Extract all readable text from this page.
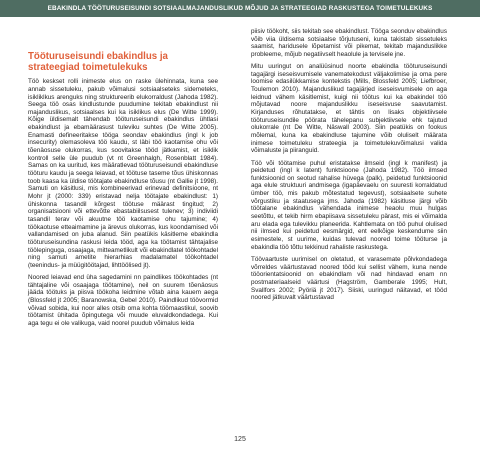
EBAKINDLA TÖÖTURUSEISUNDI SOTSIAALMAJANDUSLIKUD MÕJUD JA STRATEEGIAD RASKUSTEGA TOIMETULEKUKS
Tööturuseisundi ebakindlus ja strateegiad toimetulekuks

Töö keskset rolli inimeste elus on raske ülehinnata, kuna see annab sissetuleku, pakub võimalusi sotsiaalseteks sidemeteks, isikliklkus arenguks ning struktureerib elukorraldust (Jahoda 1982). Seega töö osas kindlustunde puudumine tekitab ebakindlust nii majanduslikus, sotsiaalses kui ka isiklikus elus (De Witte 1999). Kõige üldisemalt tähendab tööturuseisundi ebakindlus ühtlasi ebakindlust ja ebamäärasust tuleviku suhtes (De Witte 2005). Enamasti defineeritakse tööga seondav ebakindlus (ingl k job insecurity) olemasoleva töö kaudu, st läbi töö kaotamise ohu või tõenäosuse olukorras, kus soovitakse tööd jätkamist, et isiklik kontroll selle üle puudub (vt nt Greenhalgh, Rosenblatt 1984). Samas on ka uuritud, kes määratlevad tööturuseisundi ebakindluse tööturu kaudu ja seega leiavad, et töötuse taseme tõus ühiskonnas toob kaasa ka üldise töötajate ebakindluse tõusu (nt Gallie jt 1998). Samuti on käsitlusi, mis kombineerivad erinevad definitsioone, nt Mohr jt (2000: 339) eristavad nelja töötajate ebakindlust: 1) ühiskonna tasandil kõrgest töötuse määrast tingitud; 2) organisatsiooni või ettevõtte ebastabiilsusest tulenev; 3) indiviidi tasandil terav või akuutne töö kaotamise ohu tajumine; 4) töökaotuse etteaimamine ja ärevus olukorras, kus koondamised või vallandamised on juba alanud. Siin peatükis käsitleme ebakindla tööturuseisundina raskusi leida tööd, aga ka töötamist tähtajalise töölepinguga, osaajaga, mitteametlikult või ebakindlatel töökohtadel ning samuti ametite hierarhias madalamatel töökohtadel (teenindus- ja müügitöötajad, lihttöölised jt).

Noored leiavad end üha sagedamini nn paindlikes töökohtades (nt tähtajaline või osaajaga töötamine), neil on suurem tõenäosus jääda töötuks ja piisva töökoha leidmine võtab aina kauem aega (Blossfeld jt 2005; Baranowska, Gebel 2010). Paindlikud töövormid võivad sobida, kui noor alles otsib oma kohta töömaastikul, soovib töötamist ühitada õpingutega või muude eluvaldkondadega. Kui aga tegu ei ole valikuga, vaid noorel puudub võimalus leida

piisiv töökoht, siis tekitab see ebakindlust. Tööga seonduv ebakindlus võib viia üldisema sotsiaalse tõrjutuseni, kuna takistab sissetuleks saamist, haridusele lõpetamist või pikemat, tekitab majanduslikke probleeme, mõjub negatiivselt heaolule ja tervisele jne.

Mitu uuringut on analüüsinud noorte ebakindla tööturuseisundi tagajärgi iseseisvumisele vanematekodust väljakolimise ja oma pere loomise edasilükkamise kontekstis (Mills, Blossfeld 2005; Liefbroer, Toulemon 2010). Majanduslikud tagajärjed iseseisvumisele on aga leidnud vähem käsitlemist, kuigi nii töötus kui ka ebakindel töö mõjutavad noore majanduslikku iseseisvuse saavutamist. Kirjanduses rõhutatakse, et tähtis on lisaks objektiivsele tööturuseisundile pöörata tähelepanu subjektiivsele ehk tajutud olukorrale (nt De Witte, Näswall 2003). Siin peatükis on fookus mõlemal, kuna ka ebakindluse tajumine võib oluliselt määrata inimese toimetuleku strateegia ja toimetulekuvõimalusi valida võimaluste ja piiranguid.

Töö või töötamise puhul eristatakse ilmseid (ingl k manifest) ja peidetud (ingl k latent) funktsioone (Jahoda 1982). Töö ilmsed funktsioonid on seotud rahalise hüvega (palk), peidetud funktsioonid aga elule struktuuri andmisega (igapäevaelu on suuresti korraldatud ümber töö, mis pakub mõtestatud tegevust), sotsiaalsete suhete võrgustiku ja staatusega jms. Jahoda (1982) käsitluse järgi võib töötalane ebakindlus vähendada inimese heaolu muu hulgas seetõttu, et tekib hirm ebapiisava sissetuleku pärast, mis ei võimalda aru elada ega tulevikku planeerida. Kahtlemata on töö puhul olulised nii ilmsed kui peidetud eesmärgid, ent eelkõige keskendume siin esimestele, st uurime, kuidas tulevad noored toime tööturse ja ebakindla töö tõttu tekkinud rahaliste raskustega.

Töövaartuste uurimisel on oletatud, et varasemate põlvkondadega võrreldes väärtustavad noored tööd kui sellist vähem, kuna nende tööorientatsioonid on ebakindlam või nad hindavad enam nn postmateriaalseid väärtusi (Hagström, Gamberale 1995; Hult, Svallfors 2002; Pyöriä jt 2017). Siiski, uuringud näitavad, et tööd noored jätkuvalt väärtustavad

125
